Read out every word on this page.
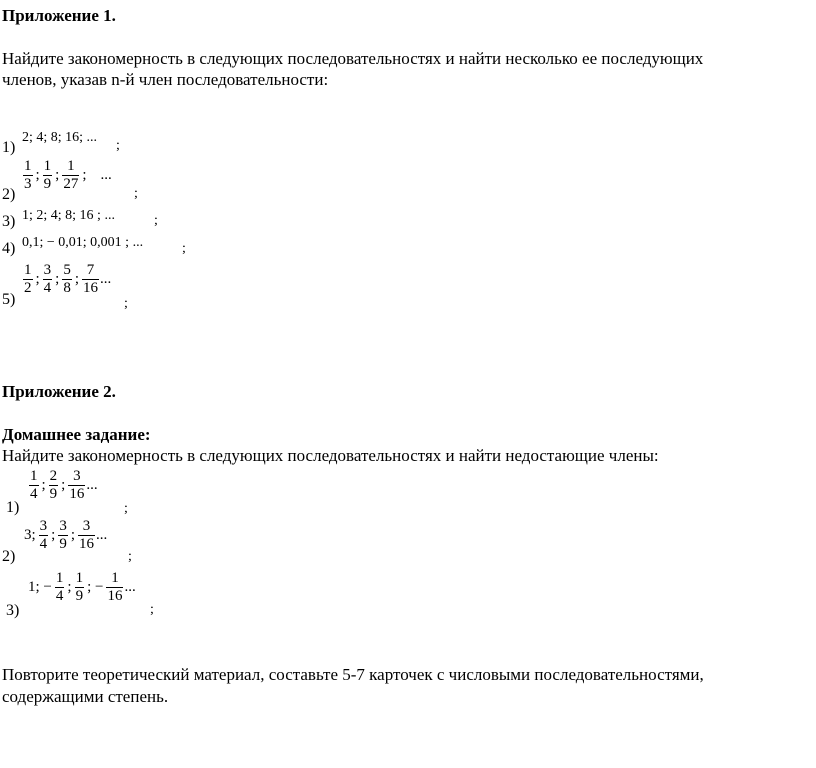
Приложение 1.
Найдите закономерность в следующих последовательностях и найти несколько ее последующих
членов, указав n-й член последовательности:
1)
2; 4; 8; 16; ...
;
2)
$\frac{1}{3}$ ; $\frac{1}{9}$ ; $\frac{1}{27}$ ; ...
;
3) 1; 2; 4; 8; 16 ; ...	;
4) 0,1; − 0,01; 0,001 ; ...	;
5)
$\frac{1}{2}$ ; $\frac{3}{4}$ ; $\frac{5}{8}$ ; $\frac{7}{16}$ ...
;
Приложение 2.
Домашнее задание:
Найдите закономерность в следующих последовательностях и найти недостающие члены:
1)
$\frac{1}{4}$ ; $\frac{2}{9}$ ; $\frac{3}{16}$ ...
;
2)
3; $\frac{3}{4}$ ; $\frac{3}{9}$ ; $\frac{3}{16}$ ...
;
3)
1; − $\frac{1}{4}$ ; $\frac{1}{9}$ ; − $\frac{1}{16}$ ...
;
Повторите теоретический материал, составьте 5-7 карточек с числовыми последовательностями,
содержащими степень.
